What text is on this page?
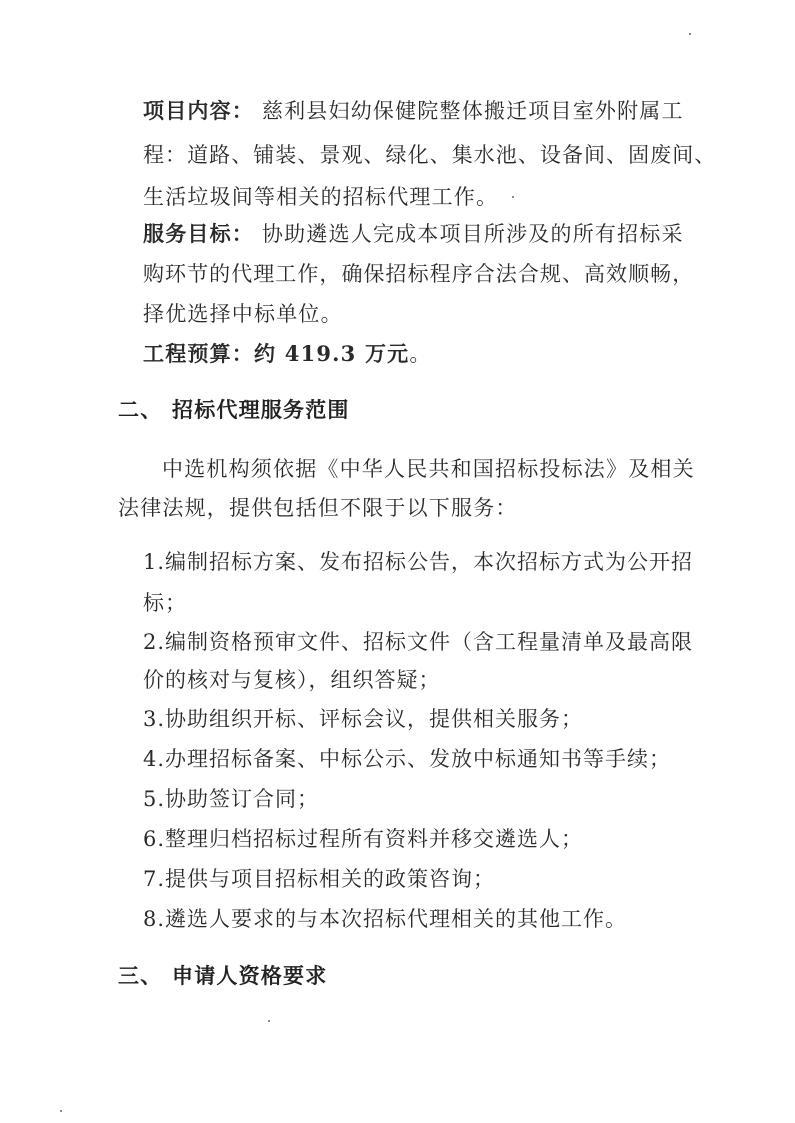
项目内容： 慈利县妇幼保健院整体搬迁项目室外附属工
程：道路、铺装、景观、绿化、集水池、设备间、固废间、
生活垃圾间等相关的招标代理工作。
服务目标： 协助遴选人完成本项目所涉及的所有招标采
购环节的代理工作，确保招标程序合法合规、高效顺畅，
择优选择中标单位。
工程预算：约 419.3 万元。
二、 招标代理服务范围
中选机构须依据《中华人民共和国招标投标法》及相关
法律法规，提供包括但不限于以下服务：
1.编制招标方案、发布招标公告，本次招标方式为公开招
标；
2.编制资格预审文件、招标文件（含工程量清单及最高限
价的核对与复核），组织答疑；
3.协助组织开标、评标会议，提供相关服务；
4.办理招标备案、中标公示、发放中标通知书等手续；
5.协助签订合同；
6.整理归档招标过程所有资料并移交遴选人；
7.提供与项目招标相关的政策咨询；
8.遴选人要求的与本次招标代理相关的其他工作。
三、 申请人资格要求
